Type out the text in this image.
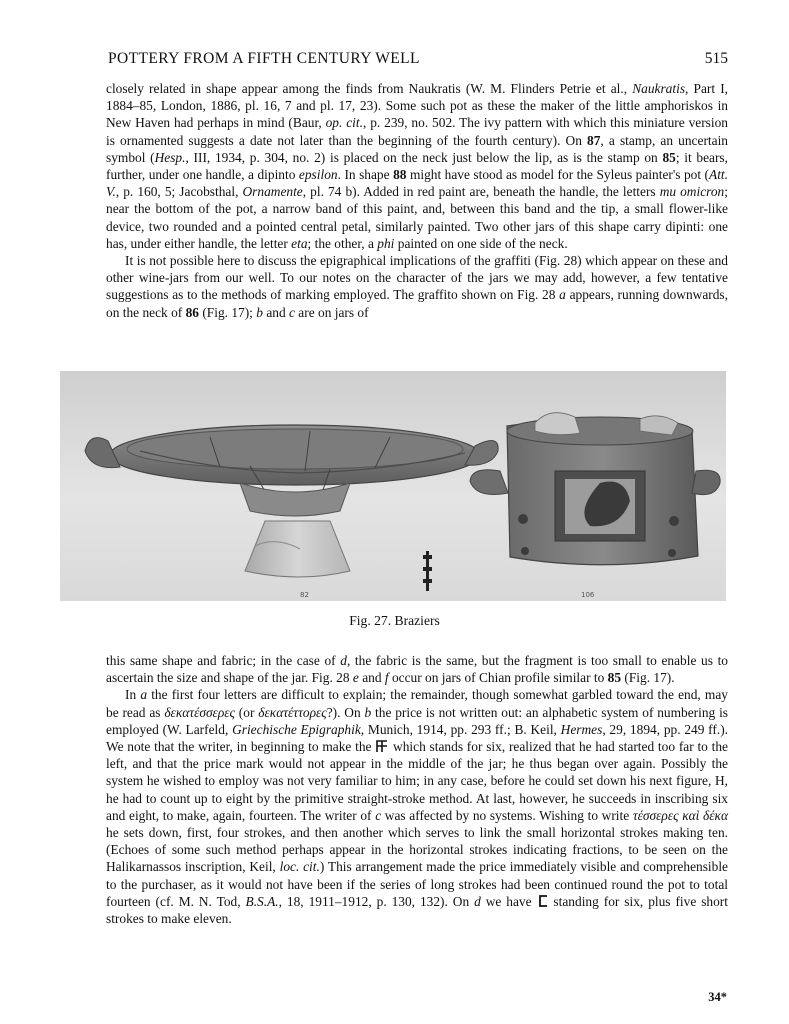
POTTERY FROM A FIFTH CENTURY WELL	515

closely related in shape appear among the finds from Naukratis (W. M. Flinders Petrie et al., Naukratis, Part I, 1884–85, London, 1886, pl. 16, 7 and pl. 17, 23). Some such pot as these the maker of the little amphoriskos in New Haven had perhaps in mind (Baur, op. cit., p. 239, no. 502. The ivy pattern with which this miniature version is ornamented suggests a date not later than the beginning of the fourth century). On 87, a stamp, an uncertain symbol (Hesp., III, 1934, p. 304, no. 2) is placed on the neck just below the lip, as is the stamp on 85; it bears, further, under one handle, a dipinto epsilon. In shape 88 might have stood as model for the Syleus painter's pot (Att. V., p. 160, 5; Jacobsthal, Ornamente, pl. 74 b). Added in red paint are, beneath the handle, the letters mu omicron; near the bottom of the pot, a narrow band of this paint, and, between this band and the tip, a small flower-like device, two rounded and a pointed central petal, similarly painted. Two other jars of this shape carry dipinti: one has, under either handle, the letter eta; the other, a phi painted on one side of the neck.

It is not possible here to discuss the epigraphical implications of the graffiti (Fig. 28) which appear on these and other wine-jars from our well. To our notes on the character of the jars we may add, however, a few tentative suggestions as to the methods of marking employed. The graffito shown on Fig. 28 a appears, running downwards, on the neck of 86 (Fig. 17); b and c are on jars of

82	106
Fig. 27. Braziers

this same shape and fabric; in the case of d, the fabric is the same, but the fragment is too small to enable us to ascertain the size and shape of the jar. Fig. 28 e and f occur on jars of Chian profile similar to 85 (Fig. 17).

In a the first four letters are difficult to explain; the remainder, though somewhat garbled toward the end, may be read as δεκατέσσερες (or δεκατέττορες?). On b the price is not written out: an alphabetic system of numbering is employed (W. Larfeld, Griechische Epigraphik, Munich, 1914, pp. 293 ff.; B. Keil, Hermes, 29, 1894, pp. 249 ff.). We note that the writer, in beginning to make the  which stands for six, realized that he had started too far to the left, and that the price mark would not appear in the middle of the jar; he thus began over again. Possibly the system he wished to employ was not very familiar to him; in any case, before he could set down his next figure, H, he had to count up to eight by the primitive straight-stroke method. At last, however, he succeeds in inscribing six and eight, to make, again, fourteen. The writer of c was affected by no systems. Wishing to write τέσσερες καὶ δέκα he sets down, first, four strokes, and then another which serves to link the small horizontal strokes making ten. (Echoes of some such method perhaps appear in the horizontal strokes indicating fractions, to be seen on the Halikarnassos inscription, Keil, loc. cit.) This arrangement made the price immediately visible and comprehensible to the purchaser, as it would not have been if the series of long strokes had been continued round the pot to total fourteen (cf. M. N. Tod, B.S.A., 18, 1911–1912, p. 130, 132). On d we have  standing for six, plus five short strokes to make eleven.

34*
